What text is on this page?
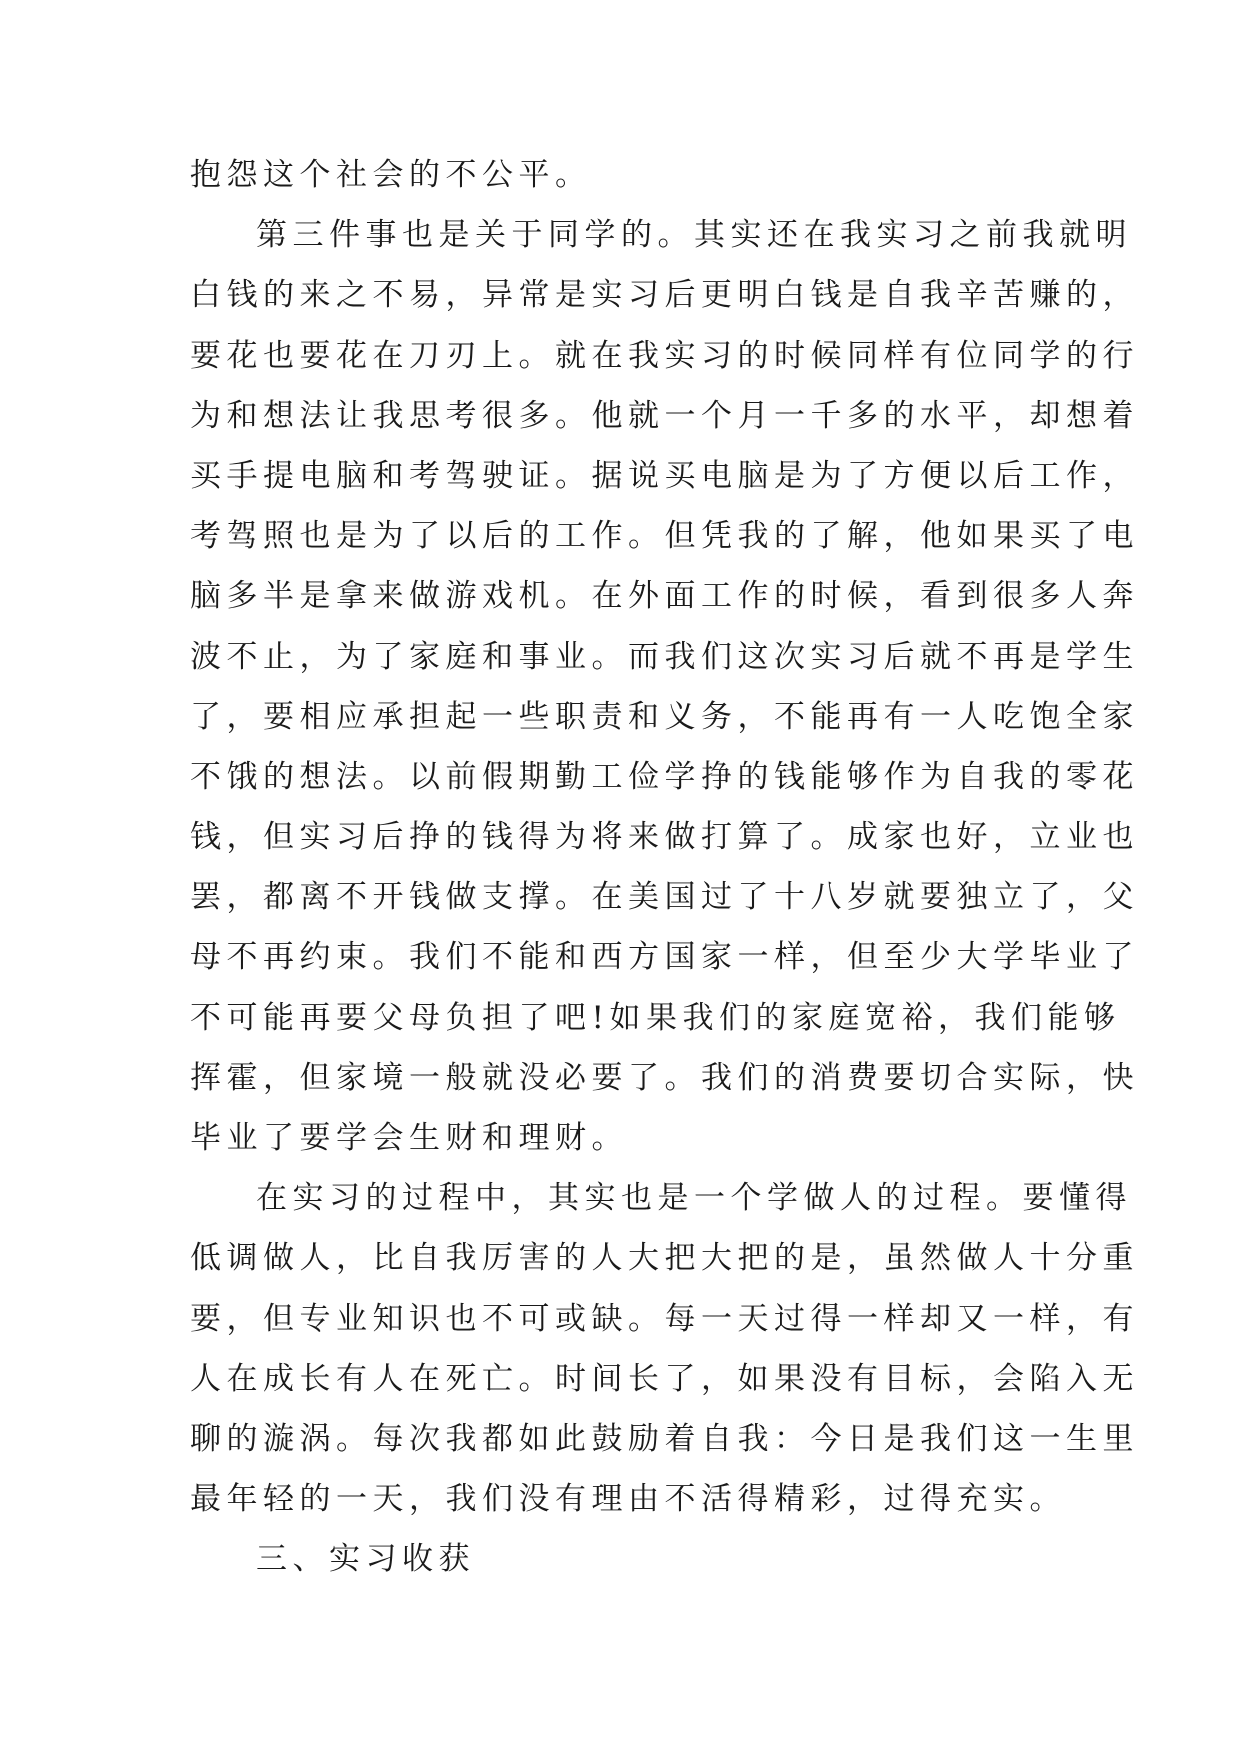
抱怨这个社会的不公平。
第三件事也是关于同学的。其实还在我实习之前我就明
白钱的来之不易，异常是实习后更明白钱是自我辛苦赚的，
要花也要花在刀刃上。就在我实习的时候同样有位同学的行
为和想法让我思考很多。他就一个月一千多的水平，却想着
买手提电脑和考驾驶证。据说买电脑是为了方便以后工作，
考驾照也是为了以后的工作。但凭我的了解，他如果买了电
脑多半是拿来做游戏机。在外面工作的时候，看到很多人奔
波不止，为了家庭和事业。而我们这次实习后就不再是学生
了，要相应承担起一些职责和义务，不能再有一人吃饱全家
不饿的想法。以前假期勤工俭学挣的钱能够作为自我的零花
钱，但实习后挣的钱得为将来做打算了。成家也好，立业也
罢，都离不开钱做支撑。在美国过了十八岁就要独立了，父
母不再约束。我们不能和西方国家一样，但至少大学毕业了
不可能再要父母负担了吧!如果我们的家庭宽裕，我们能够
挥霍，但家境一般就没必要了。我们的消费要切合实际，快
毕业了要学会生财和理财。
在实习的过程中，其实也是一个学做人的过程。要懂得
低调做人，比自我厉害的人大把大把的是，虽然做人十分重
要，但专业知识也不可或缺。每一天过得一样却又一样，有
人在成长有人在死亡。时间长了，如果没有目标，会陷入无
聊的漩涡。每次我都如此鼓励着自我：今日是我们这一生里
最年轻的一天，我们没有理由不活得精彩，过得充实。
三、实习收获
